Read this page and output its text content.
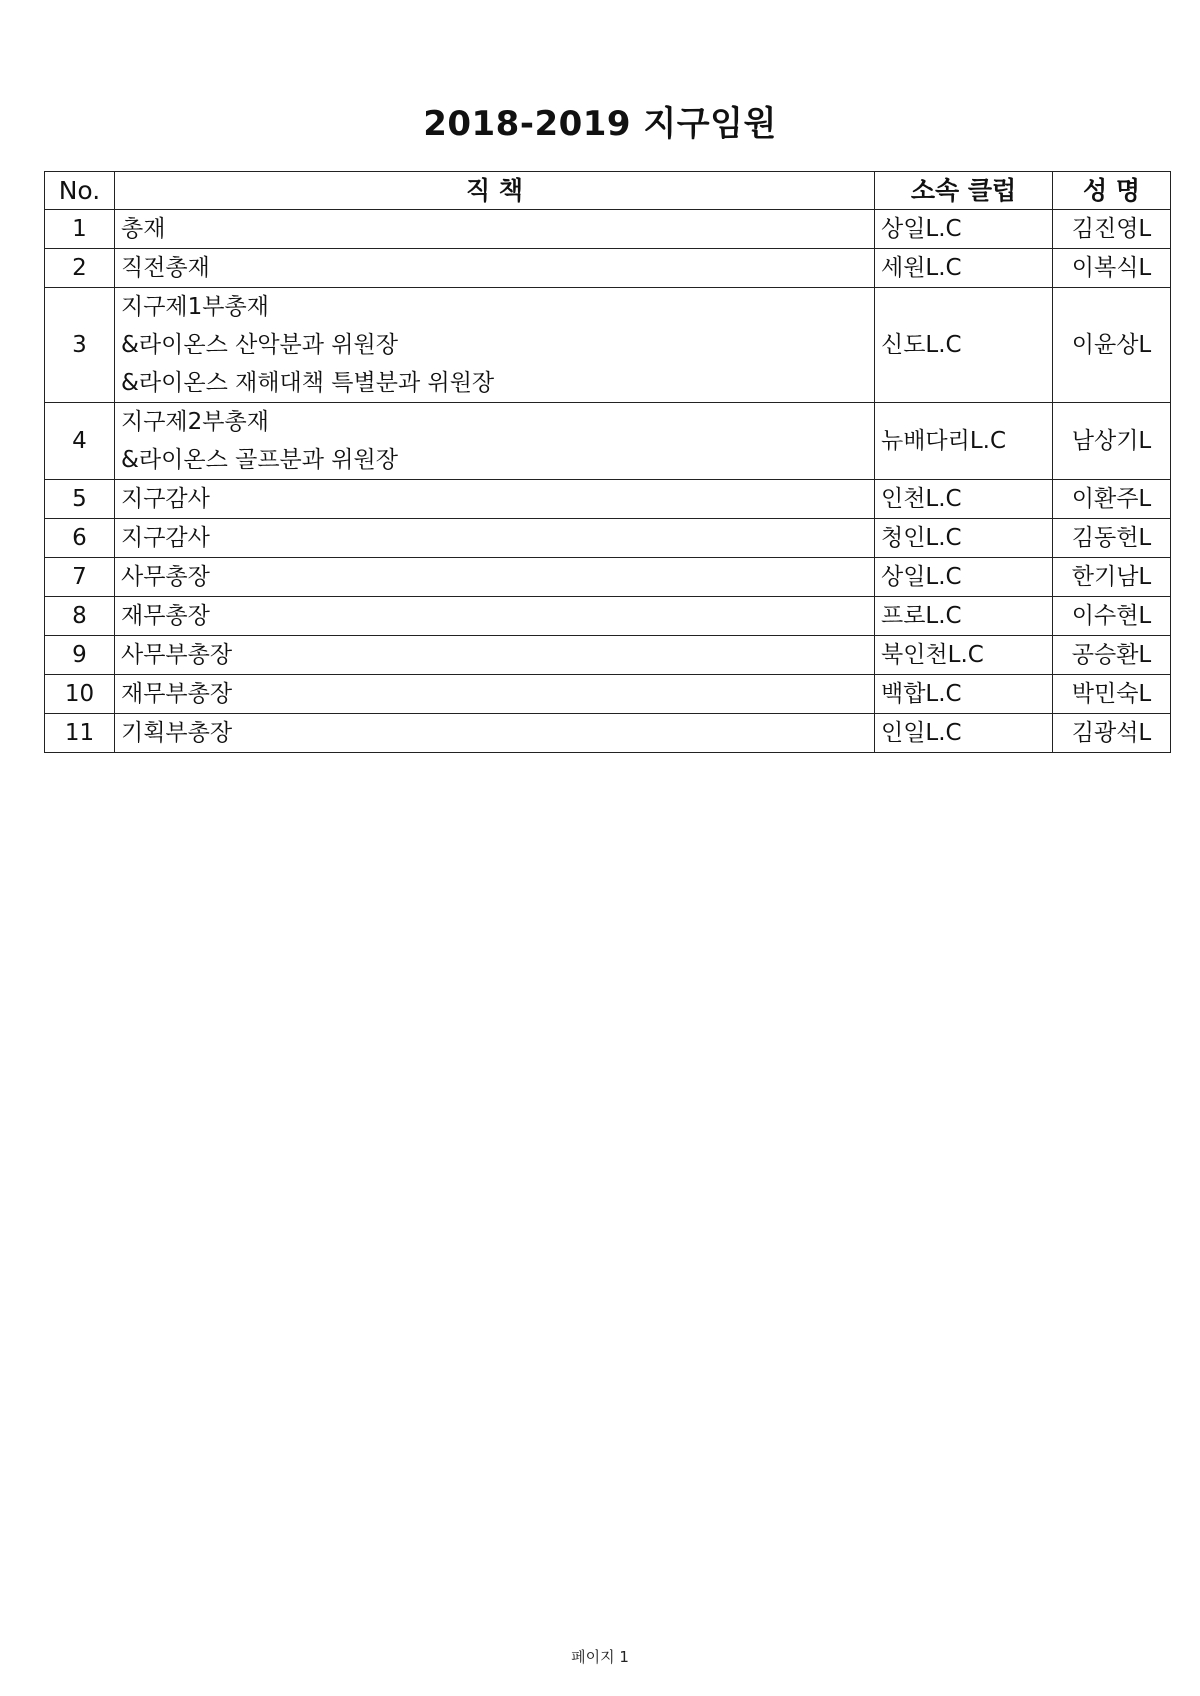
2018-2019 지구임원
No.	직 책	소속 클럽	성 명
1	총재	상일L.C	김진영L
2	직전총재	세원L.C	이복식L
3	지구제1부총재
&라이온스 산악분과 위원장
&라이온스 재해대책 특별분과 위원장	신도L.C	이윤상L
4	지구제2부총재
&라이온스 골프분과 위원장	뉴배다리L.C	남상기L
5	지구감사	인천L.C	이환주L
6	지구감사	청인L.C	김동헌L
7	사무총장	상일L.C	한기남L
8	재무총장	프로L.C	이수현L
9	사무부총장	북인천L.C	공승환L
10	재무부총장	백합L.C	박민숙L
11	기획부총장	인일L.C	김광석L
페이지 1
